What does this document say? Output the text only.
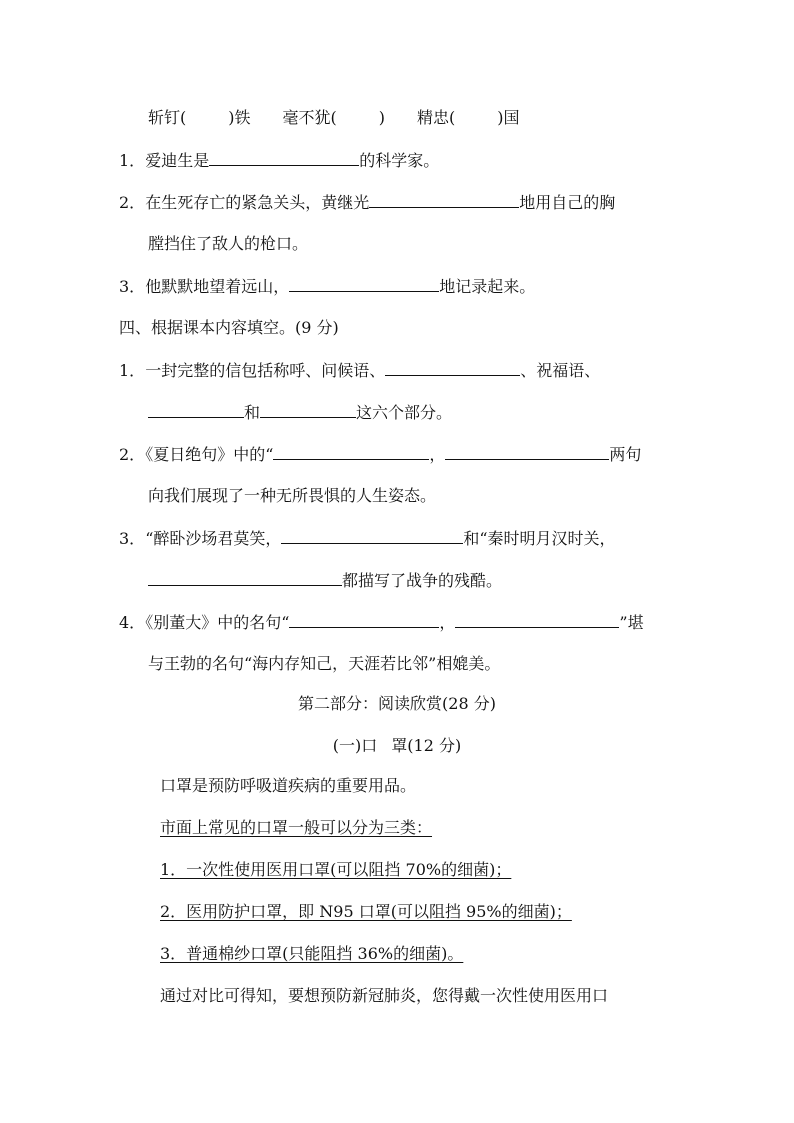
斩钉(	)铁 毫不犹(	) 精忠(	)国
1．爱迪生是	的科学家。
2．在生死存亡的紧急关头，黄继光	地用自己的胸
膛挡住了敌人的枪口。
3．他默默地望着远山，	地记录起来。
四、根据课本内容填空。(9 分)
1．一封完整的信包括称呼、问候语、	、祝福语、
和	这六个部分。
2．《夏日绝句》中的“	，	两句
向我们展现了一种无所畏惧的人生姿态。
3．“醉卧沙场君莫笑，	和“秦时明月汉时关，
都描写了战争的残酷。
4．《别董大》中的名句“	，	”堪
与王勃的名句“海内存知己，天涯若比邻”相媲美。
第二部分：阅读欣赏(28 分)
(一)口 罩(12 分)
口罩是预防呼吸道疾病的重要用品。
市面上常见的口罩一般可以分为三类：
1．一次性使用医用口罩(可以阻挡 70%的细菌)；
2．医用防护口罩，即 N95 口罩(可以阻挡 95%的细菌)；
3．普通棉纱口罩(只能阻挡 36%的细菌)。
通过对比可得知，要想预防新冠肺炎，您得戴一次性使用医用口
